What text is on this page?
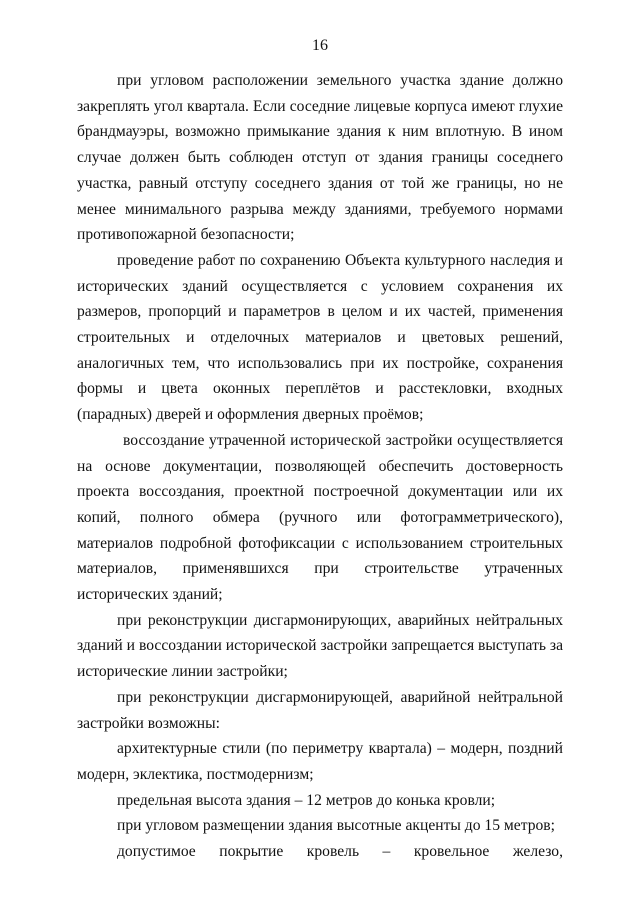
16

при угловом расположении земельного участка здание должно закреплять угол квартала. Если соседние лицевые корпуса имеют глухие брандмауэры, возможно примыкание здания к ним вплотную. В ином случае должен быть соблюден отступ от здания границы соседнего участка, равный отступу соседнего здания от той же границы, но не менее минимального разрыва между зданиями, требуемого нормами противопожарной безопасности;

проведение работ по сохранению Объекта культурного наследия и исторических зданий осуществляется с условием сохранения их размеров, пропорций и параметров в целом и их частей, применения строительных и отделочных материалов и цветовых решений, аналогичных тем, что использовались при их постройке, сохранения формы и цвета оконных переплётов и расстекловки, входных (парадных) дверей и оформления дверных проёмов;

воссоздание утраченной исторической застройки осуществляется на основе документации, позволяющей обеспечить достоверность проекта воссоздания, проектной построечной документации или их копий, полного обмера (ручного или фотограмметрического), материалов подробной фотофиксации с использованием строительных материалов, применявшихся при строительстве утраченных исторических зданий;

при реконструкции дисгармонирующих, аварийных нейтральных зданий и воссоздании исторической застройки запрещается выступать за исторические линии застройки;

при реконструкции дисгармонирующей, аварийной нейтральной застройки возможны:

архитектурные стили (по периметру квартала) – модерн, поздний модерн, эклектика, постмодернизм;

предельная высота здания – 12 метров до конька кровли;

при угловом размещении здания высотные акценты до 15 метров;

допустимое покрытие кровель – кровельное железо,
